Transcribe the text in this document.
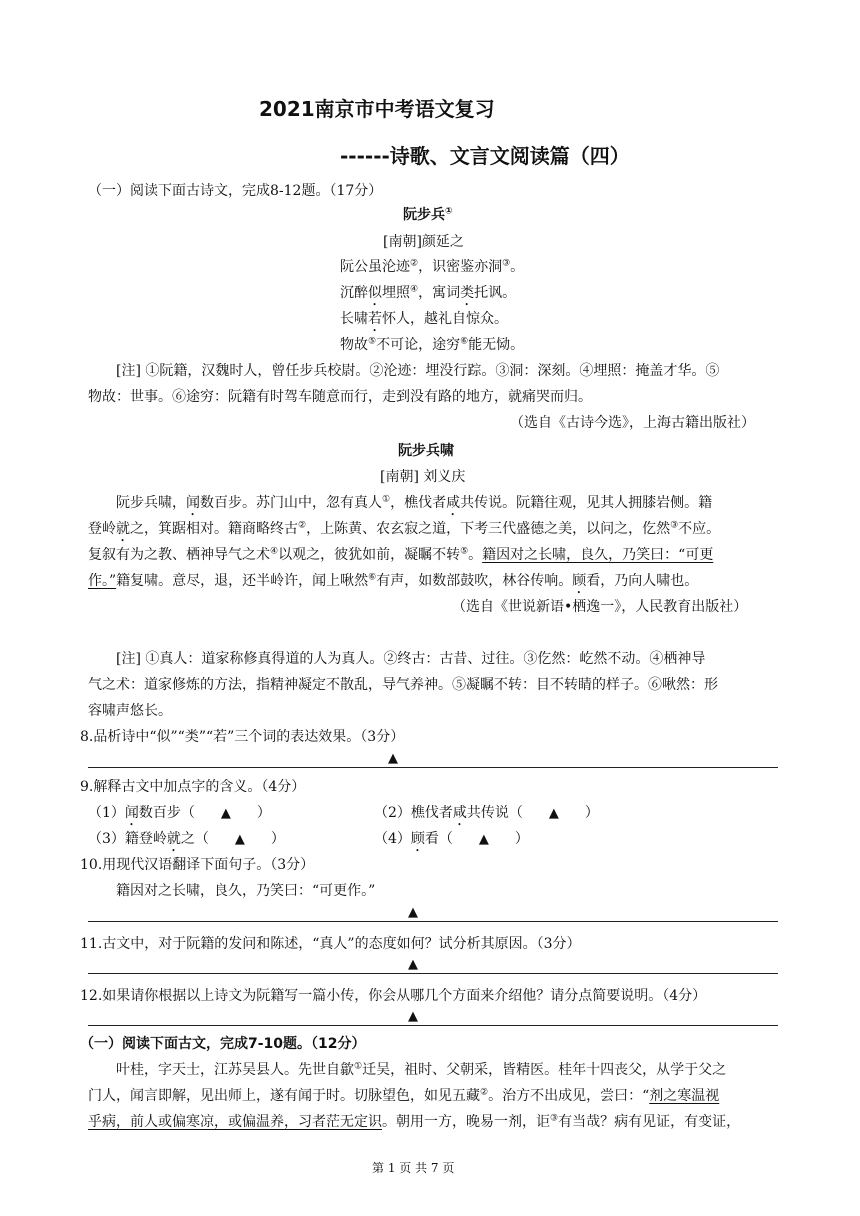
2021南京市中考语文复习
------诗歌、文言文阅读篇（四）
（一）阅读下面古诗文，完成8-12题。（17分）
阮步兵①
[南朝]颜延之
阮公虽沦迹②，识密鉴亦洞③。
沉醉似埋照④，寓词类托讽。
长啸若怀人，越礼自惊众。
物故⑤不可论，途穷⑥能无恸。
[注] ①阮籍，汉魏时人，曾任步兵校尉。②沦迹：埋没行踪。③洞：深刻。④埋照：掩盖才华。⑤
物故：世事。⑥途穷：阮籍有时驾车随意而行，走到没有路的地方，就痛哭而归。
（选自《古诗今选》，上海古籍出版社）
阮步兵啸
[南朝] 刘义庆
阮步兵啸，闻数百步。苏门山中，忽有真人①，樵伐者咸共传说。阮籍往观，见其人拥膝岩侧。籍
登岭就之，箕踞相对。籍商略终古②，上陈黄、农玄寂之道，下考三代盛德之美，以问之，仡然③不应。
复叙有为之教、栖神导气之术④以观之，彼犹如前，凝瞩不转⑤。籍因对之长啸，良久，乃笑曰：“可更
作。”籍复啸。意尽，退，还半岭许，闻上啾然⑥有声，如数部鼓吹，林谷传响。顾看，乃向人啸也。
（选自《世说新语•栖逸一》，人民教育出版社）
[注] ①真人：道家称修真得道的人为真人。②终古：古昔、过往。③仡然：屹然不动。④栖神导
气之术：道家修炼的方法，指精神凝定不散乱，导气养神。⑤凝瞩不转：目不转睛的样子。⑥啾然：形
容啸声悠长。
8.品析诗中“似”“类”“若”三个词的表达效果。（3分）
▲
9.解释古文中加点字的含义。（4分）
（1）闻数百步（ ▲ ）	（2）樵伐者咸共传说（ ▲ ）
（3）籍登岭就之（ ▲ ）	（4）顾看（ ▲ ）
10.用现代汉语翻译下面句子。（3分）
籍因对之长啸，良久，乃笑曰：“可更作。”
▲
11.古文中，对于阮籍的发问和陈述，“真人”的态度如何？试分析其原因。（3分）
▲
12.如果请你根据以上诗文为阮籍写一篇小传，你会从哪几个方面来介绍他？请分点简要说明。（4分）
▲
（一）阅读下面古文，完成7-10题。（12分）
叶桂，字天士，江苏吴县人。先世自歙①迁吴，祖时、父朝采，皆精医。桂年十四丧父，从学于父之
门人，闻言即解，见出师上，遂有闻于时。切脉望色，如见五藏②。治方不出成见，尝曰：“剂之寒温视
乎病，前人或偏寒凉，或偏温养，习者茫无定识。朝用一方，晚易一剂，讵③有当哉？病有见证，有变证，
第 1 页 共 7 页
